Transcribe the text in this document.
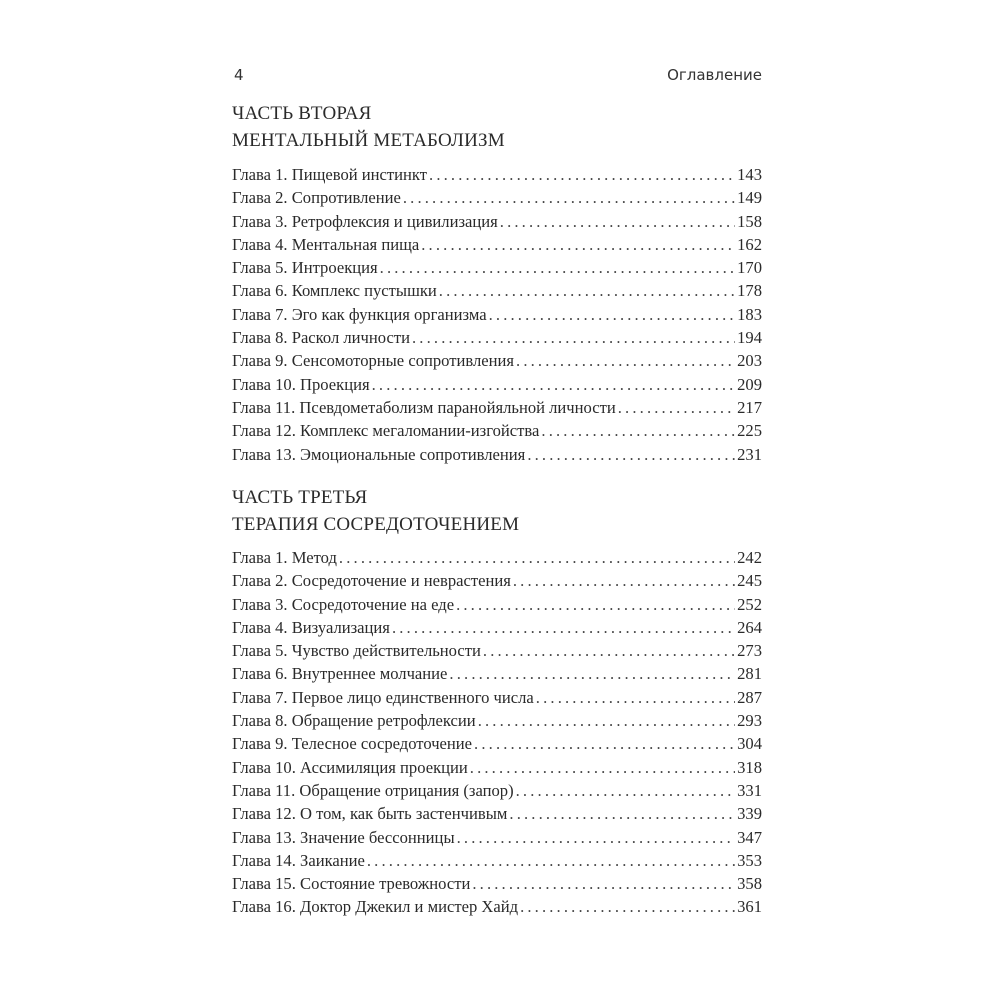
4	Оглавление
ЧАСТЬ ВТОРАЯ
МЕНТАЛЬНЫЙ МЕТАБОЛИЗМ
Глава 1. Пищевой инстинкт . . .	143
Глава 2. Сопротивление . . .	149
Глава 3. Ретрофлексия и цивилизация . . .	158
Глава 4. Ментальная пища . . .	162
Глава 5. Интроекция . . .	170
Глава 6. Комплекс пустышки . . .	178
Глава 7. Эго как функция организма . . .	183
Глава 8. Раскол личности . . .	194
Глава 9. Сенсомоторные сопротивления . . .	203
Глава 10. Проекция . . .	209
Глава 11. Псевдометаболизм паранойяльной личности . . .	217
Глава 12. Комплекс мегаломании-изгойства . . .	225
Глава 13. Эмоциональные сопротивления . . .	231
ЧАСТЬ ТРЕТЬЯ
ТЕРАПИЯ СОСРЕДОТОЧЕНИЕМ
Глава 1. Метод . . .	242
Глава 2. Сосредоточение и неврастения . . .	245
Глава 3. Сосредоточение на еде . . .	252
Глава 4. Визуализация . . .	264
Глава 5. Чувство действительности . . .	273
Глава 6. Внутреннее молчание . . .	281
Глава 7. Первое лицо единственного числа . . .	287
Глава 8. Обращение ретрофлексии . . .	293
Глава 9. Телесное сосредоточение . . .	304
Глава 10. Ассимиляция проекции . . .	318
Глава 11. Обращение отрицания (запор) . . .	331
Глава 12. О том, как быть застенчивым . . .	339
Глава 13. Значение бессонницы . . .	347
Глава 14. Заикание . . .	353
Глава 15. Состояние тревожности . . .	358
Глава 16. Доктор Джекил и мистер Хайд . . .	361
